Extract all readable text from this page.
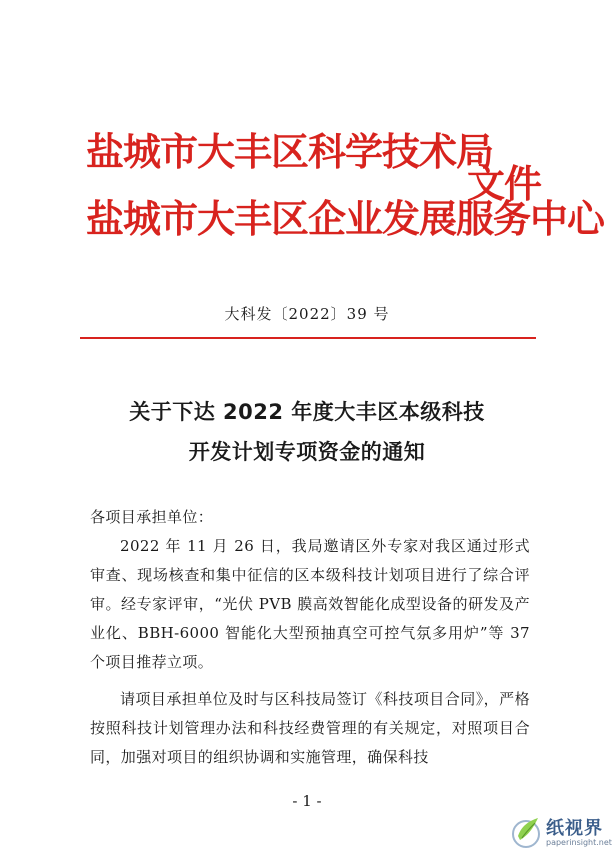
盐城市大丰区科学技术局
盐城市大丰区企业发展服务中心
文件
大科发〔2022〕39 号
关于下达 2022 年度大丰区本级科技
开发计划专项资金的通知
各项目承担单位：
2022 年 11 月 26 日，我局邀请区外专家对我区通过形式审查、现场核查和集中征信的区本级科技计划项目进行了综合评审。经专家评审，“光伏 PVB 膜高效智能化成型设备的研发及产业化、BBH-6000 智能化大型预抽真空可控气氛多用炉”等 37 个项目推荐立项。
请项目承担单位及时与区科技局签订《科技项目合同》，严格按照科技计划管理办法和科技经费管理的有关规定，对照项目合同，加强对项目的组织协调和实施管理，确保科技
- 1 -
纸视界
paperinsight.net
